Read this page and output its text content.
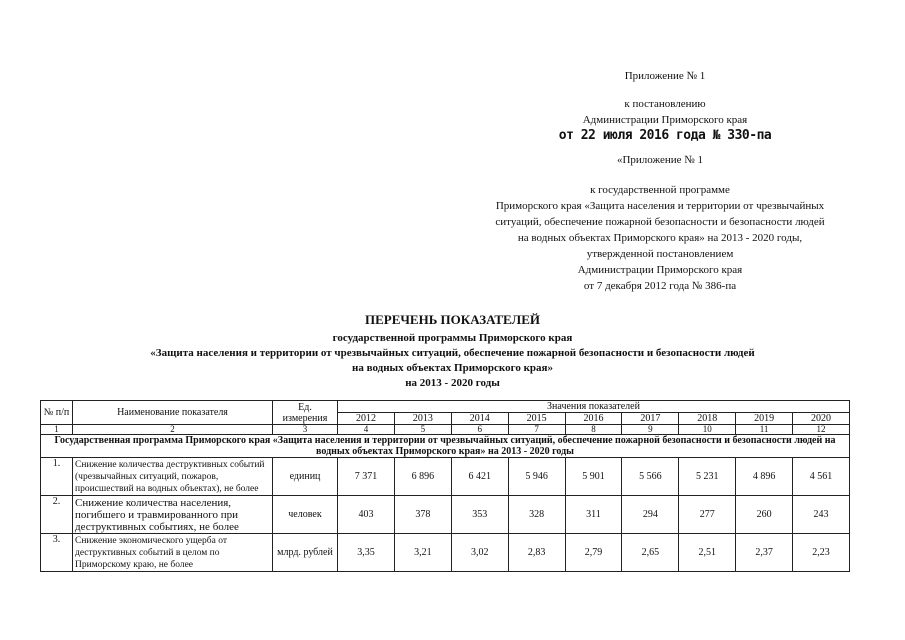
Приложение № 1
к постановлению
Администрации Приморского края
от 22 июля 2016 года № 330-па
«Приложение № 1
к государственной программе
Приморского края «Защита населения и территории от чрезвычайных
ситуаций, обеспечение пожарной безопасности и безопасности людей
на водных объектах Приморского края» на 2013 - 2020 годы,
утвержденной постановлением
Администрации Приморского края
от 7 декабря 2012 года № 386-па
ПЕРЕЧЕНЬ ПОКАЗАТЕЛЕЙ
государственной программы Приморского края
«Защита населения и территории от чрезвычайных ситуаций, обеспечение пожарной безопасности и безопасности людей
на водных объектах Приморского края»
на 2013 - 2020 годы
№ п/п	Наименование показателя	Ед. измерения	Значения показателей								
			2012	2013	2014	2015	2016	2017	2018	2019	2020
1	2	3	4	5	6	7	8	9	10	11	12
Государственная программа Приморского края «Защита населения и территории от чрезвычайных ситуаций, обеспечение пожарной безопасности и безопасности людей на водных объектах Приморского края» на 2013 - 2020 годы											
1.	Снижение количества деструктивных событий (чрезвычайных ситуаций, пожаров, происшествий на водных объектах), не более	единиц	7 371	6 896	6 421	5 946	5 901	5 566	5 231	4 896	4 561
2.	Снижение количества населения, погибшего и травмированного при деструктивных событиях, не более	человек	403	378	353	328	311	294	277	260	243
3.	Снижение экономического ущерба от деструктивных событий в целом по Приморскому краю, не более	млрд. рублей	3,35	3,21	3,02	2,83	2,79	2,65	2,51	2,37	2,23
